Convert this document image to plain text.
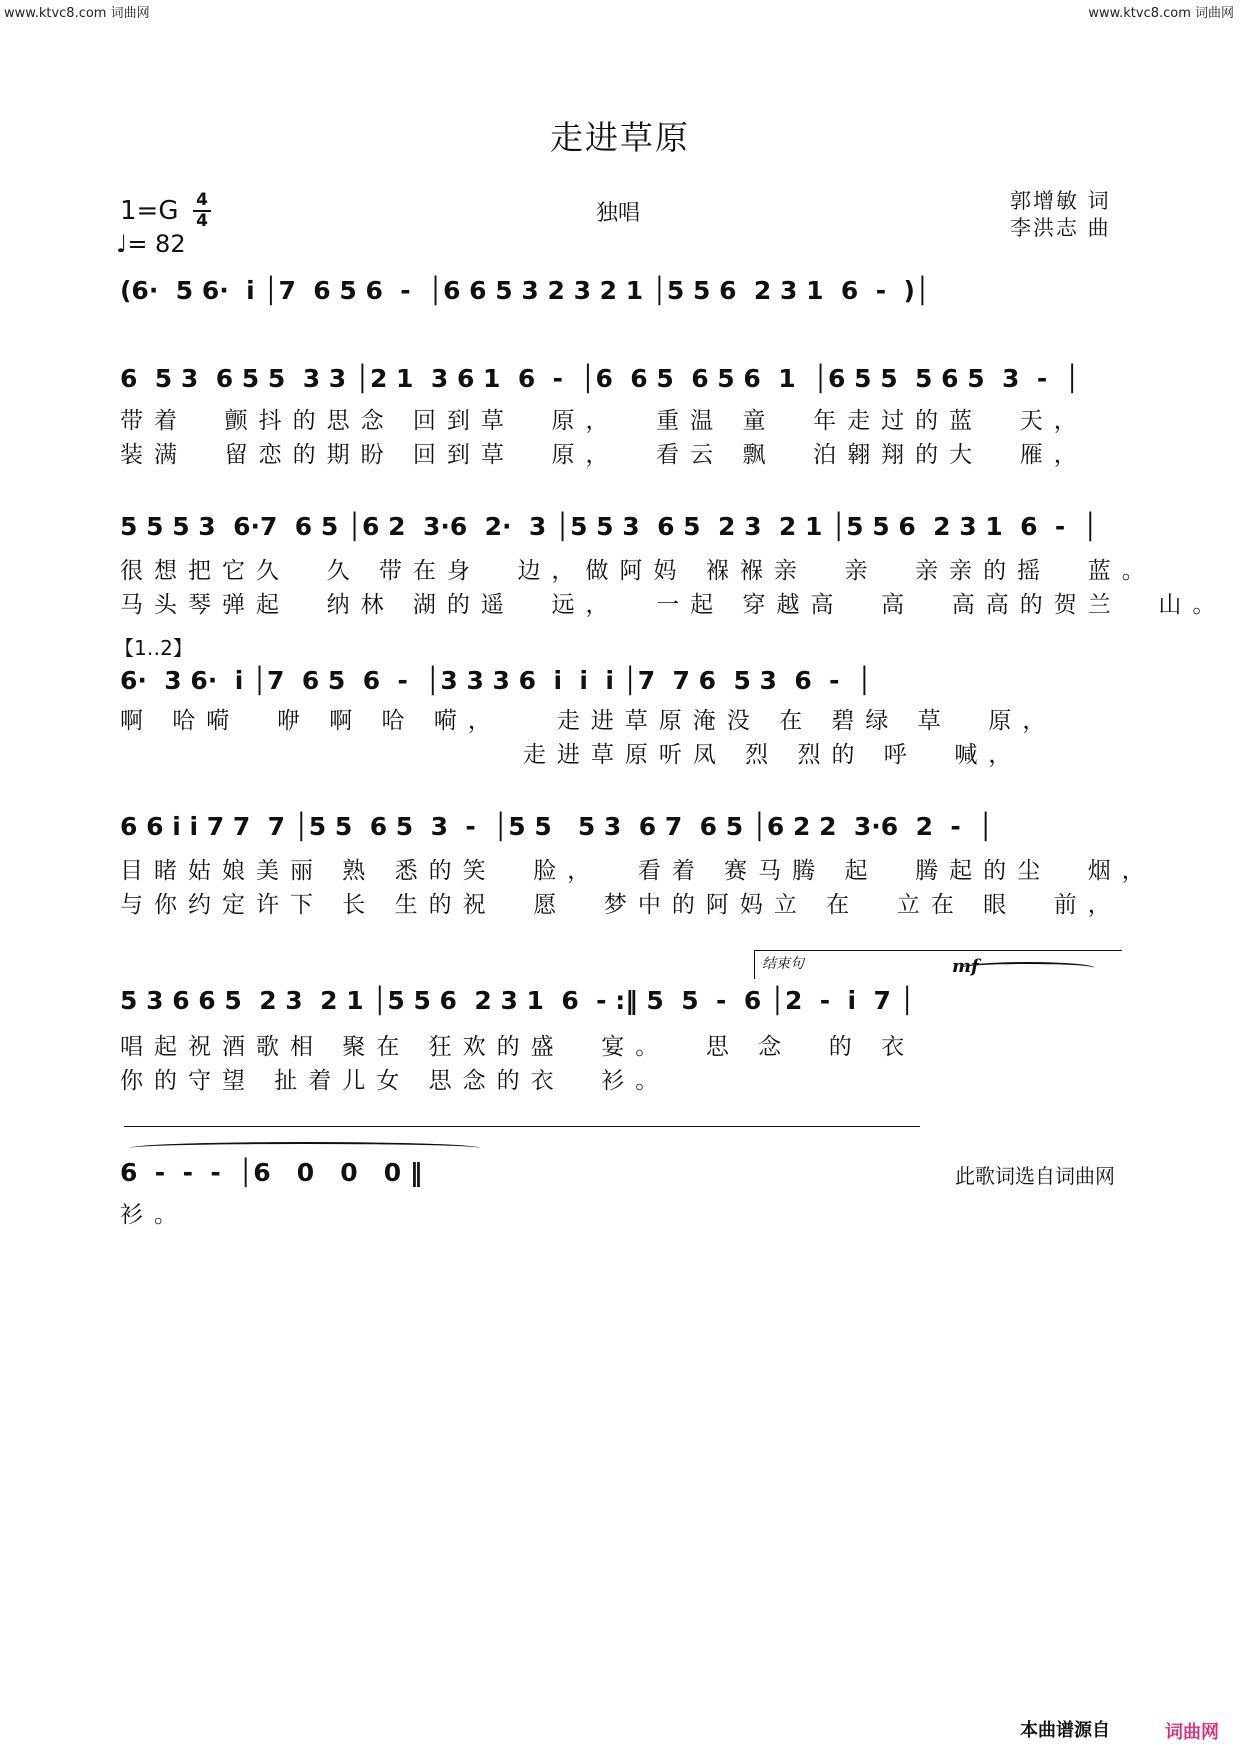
www.ktvc8.com 词曲网	www.ktvc8.com 词曲网
走进草原
1=G 4
4
♩= 82
独唱	郭增敏 词
李洪志 曲
(6·  5 6·  i̇ │7  6 5 6  -  │6 6 5 3 2 3 2 1 │5 5 6  2 3 1  6  -  )│
6  5 3  6 5 5  3 3 │2 1  3 6 1  6  -  │6  6 5  6 5 6  1  │6 5 5  5 6 5  3  -  │
带着  颤抖的思念 回到草  原，  重温 童  年走过的蓝  天，
装满  留恋的期盼 回到草  原，  看云 飘  泊翱翔的大  雁，
5 5 5 3  6·7  6 5 │6 2  3·6  2·  3 │5 5 3  6 5  2 3  2 1 │5 5 6  2 3 1  6  -  │
很想把它久  久 带在身  边，做阿妈 褓褓亲  亲  亲亲的摇  蓝。
马头琴弹起  纳林 湖的遥  远，  一起 穿越高  高  高高的贺兰  山。
【1‥2】
6·  3 6·  i̇ │7  6 5  6  -  │3 3 3 6  i̇  i̇  i̇ │7  7 6  5 3  6  -  │
啊 哈嗬  咿 啊 哈 嗬，   走进草原淹没 在 碧绿 草  原，
走进草原听凤 烈 烈的 呼  喊，
6 6 i̇ i̇ 7 7  7 │5 5  6 5  3  -  │5 5   5 3  6 7  6 5 │6 2 2  3·6  2  -  │
目睹姑娘美丽 熟 悉的笑  脸，  看着 赛马腾 起  腾起的尘  烟，
与你约定许下 长 生的祝  愿  梦中的阿妈立 在  立在 眼  前，
结束句	mf
5 3 6 6 5  2 3  2 1 │5 5 6  2 3 1  6  - :‖ 5  5  -  6 │2  -  i̇  7 │
唱起祝酒歌相 聚在 狂欢的盛  宴。  思 念  的 衣
你的守望 扯着儿女 思念的衣  衫。
6  -  -  -  │6   0   0   0 ‖
衫。
此歌词选自词曲网
本曲谱源自	词曲网
